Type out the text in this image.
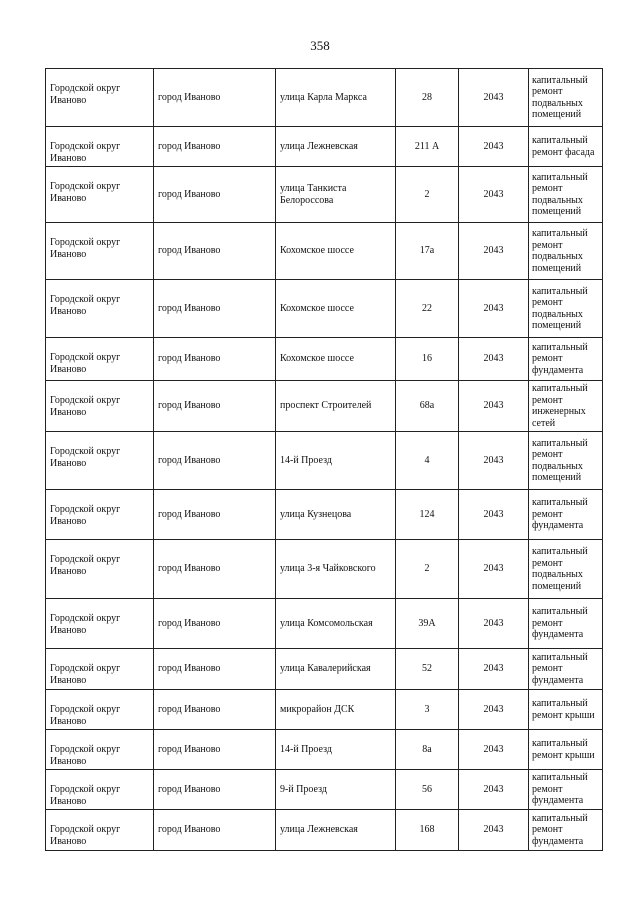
358
Городской округ Иваново	город Иваново	улица Карла Маркса	28	2043	капитальный ремонт подвальных помещений
Городской округ Иваново	город Иваново	улица Лежневская	211 А	2043	капитальный ремонт фасада
Городской округ Иваново	город Иваново	улица Танкиста Белороссова	2	2043	капитальный ремонт подвальных помещений
Городской округ Иваново	город Иваново	Кохомское шоссе	17а	2043	капитальный ремонт подвальных помещений
Городской округ Иваново	город Иваново	Кохомское шоссе	22	2043	капитальный ремонт подвальных помещений
Городской округ Иваново	город Иваново	Кохомское шоссе	16	2043	капитальный ремонт фундамента
Городской округ Иваново	город Иваново	проспект Строителей	68а	2043	капитальный ремонт инженерных сетей
Городской округ Иваново	город Иваново	14-й Проезд	4	2043	капитальный ремонт подвальных помещений
Городской округ Иваново	город Иваново	улица Кузнецова	124	2043	капитальный ремонт фундамента
Городской округ Иваново	город Иваново	улица 3-я Чайковского	2	2043	капитальный ремонт подвальных помещений
Городской округ Иваново	город Иваново	улица Комсомольская	39А	2043	капитальный ремонт фундамента
Городской округ Иваново	город Иваново	улица Кавалерийская	52	2043	капитальный ремонт фундамента
Городской округ Иваново	город Иваново	микрорайон ДСК	3	2043	капитальный ремонт крыши
Городской округ Иваново	город Иваново	14-й Проезд	8а	2043	капитальный ремонт крыши
Городской округ Иваново	город Иваново	9-й Проезд	56	2043	капитальный ремонт фундамента
Городской округ Иваново	город Иваново	улица Лежневская	168	2043	капитальный ремонт фундамента
